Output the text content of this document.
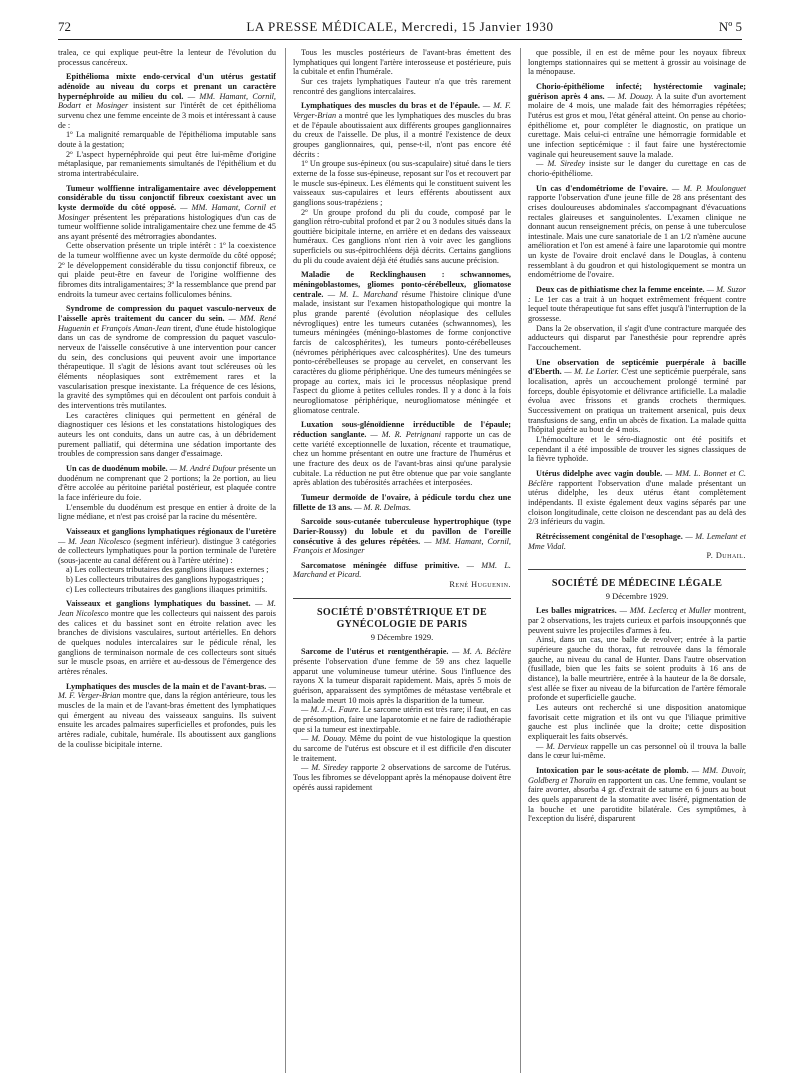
72	LA PRESSE MÉDICALE, Mercredi, 15 Janvier 1930	Nº 5

tralea, ce qui explique peut-être la lenteur de l'évolution du processus cancéreux.

Epithélioma mixte endo-cervical d'un utérus gestatif adénoïde au niveau du corps et prenant un caractère hypernéphroïde au milieu du col. — MM. Hamant, Cornil, Bodart et Mosinger insistent sur l'intérêt de cet épithélioma survenu chez une femme enceinte de 3 mois et intéressant à cause de :

1º La malignité remarquable de l'épithélioma imputable sans doute à la gestation;

2º L'aspect hypernéphroïde qui peut être lui-même d'origine métaplasique, par remaniements simultanés de l'épithélium et du stroma intertrabéculaire.

Tumeur wolffienne intraligamentaire avec développement considérable du tissu conjonctif fibreux coexistant avec un kyste dermoïde du côté opposé. — MM. Hamant, Cornil et Mosinger présentent les préparations histologiques d'un cas de tumeur wolffienne solide intraligamentaire chez une femme de 45 ans ayant présenté des métrorragies abondantes.

Cette observation présente un triple intérêt : 1º la coexistence de la tumeur wolffienne avec un kyste dermoïde du côté opposé; 2º le développement considérable du tissu conjonctif fibreux, ce qui plaide peut-être en faveur de l'origine wolffienne des fibromes dits intraligamentaires; 3º la ressemblance que prend par endroits la tumeur avec certains folliculomes bénins.

Syndrome de compression du paquet vasculo-nerveux de l'aisselle après traitement du cancer du sein. — MM. René Huguenin et François Aman-Jean tirent, d'une étude histologique dans un cas de syndrome de compression du paquet vasculo-nerveux de l'aisselle consécutive à une intervention pour cancer du sein, des conclusions qui peuvent avoir une importance thérapeutique. Il s'agit de lésions avant tout scléreuses où les éléments néoplasiques sont extrêmement rares et la vascularisation presque inexistante. La fréquence de ces lésions, la gravité des symptômes qui en découlent ont parfois conduit à des interventions très mutilantes.

Les caractères cliniques qui permettent en général de diagnostiquer ces lésions et les constatations histologiques des auteurs les ont conduits, dans un autre cas, à un débridement purement palliatif, qui détermina une sédation importante des troubles de compression sans danger d'essaimage.

Un cas de duodénum mobile. — M. André Dufour présente un duodénum ne comprenant que 2 portions; la 2e portion, au lieu d'être accolée au péritoine pariétal postérieur, est plaquée contre la face inférieure du foie.

L'ensemble du duodénum est presque en entier à droite de la ligne médiane, et n'est pas croisé par la racine du mésentère.

Vaisseaux et ganglions lymphatiques régionaux de l'uretère — M. Jean Nicolesco (segment inférieur). distingue 3 catégories de collecteurs lymphatiques pour la portion terminale de l'uretère (sous-jacente au canal déférent ou à l'artère utérine) :

a) Les collecteurs tributaires des ganglions iliaques externes ;

b) Les collecteurs tributaires des ganglions hypogastriques ;

c) Les collecteurs tributaires des ganglions iliaques primitifs.

Vaisseaux et ganglions lymphatiques du bassinet. — M. Jean Nicolesco montre que les collecteurs qui naissent des parois des calices et du bassinet sont en étroite relation avec les branches de divisions vasculaires, surtout artérielles. En dehors de quelques nodules intercalaires sur le pédicule rénal, les ganglions de terminaison normale de ces collecteurs sont situés sur le muscle psoas, en arrière et au-dessous de l'émergence des artères rénales.

Lymphatiques des muscles de la main et de l'avant-bras. — M. F. Verger-Brian montre que, dans la région antérieure, tous les muscles de la main et de l'avant-bras émettent des lymphatiques qui émergent au niveau des vaisseaux sanguins. Ils suivent ensuite les arcades palmaires superficielles et profondes, puis les artères radiale, cubitale, humérale. Ils aboutissent aux ganglions de la coulisse bicipitale interne.

Tous les muscles postérieurs de l'avant-bras émettent des lymphatiques qui longent l'artère interosseuse et postérieure, puis la cubitale et enfin l'humérale.

Sur ces trajets lymphatiques l'auteur n'a que très rarement rencontré des ganglions intercalaires.

Lymphatiques des muscles du bras et de l'épaule. — M. F. Verger-Brian a montré que les lymphatiques des muscles du bras et de l'épaule aboutissaient aux différents groupes ganglionnaires du creux de l'aisselle. De plus, il a montré l'existence de deux groupes ganglionnaires, qui, pense-t-il, n'ont pas encore été décrits :

1º Un groupe sus-épineux (ou sus-scapulaire) situé dans le tiers externe de la fosse sus-épineuse, reposant sur l'os et recouvert par le muscle sus-épineux. Les éléments qui le constituent suivent les vaisseaux sus-capulaires et leurs efférents aboutissent aux ganglions sous-trapéziens ;

2º Un groupe profond du pli du coude, composé par le ganglion rétro-cubital profond et par 2 ou 3 nodules situés dans la gouttière bicipitale interne, en arrière et en dedans des vaisseaux huméraux. Ces ganglions n'ont rien à voir avec les ganglions superficiels ou sus-épitrochléens déjà décrits. Certains ganglions du pli du coude avaient déjà été étudiés sans aucune précision.

Maladie de Recklinghausen : schwannomes, méningoblastomes, gliomes ponto-cérébelleux, gliomatose centrale. — M. L. Marchand résume l'histoire clinique d'une malade, insistant sur l'examen histopathologique qui montre la plus grande parenté (évolution néoplasique des cellules névrogliques) entre les tumeurs cutanées (schwannomes), les tumeurs méningées (méningo-blastomes de forme conjonctive farcis de calcosphérites), les tumeurs ponto-cérébelleuses (névromes périphériques avec calcosphérites). Une des tumeurs ponto-cérébelleuses se propage au cervelet, en conservant les caractères du gliome périphérique. Une des tumeurs méningées se propage au cortex, mais ici le processus néoplasique prend l'aspect du gliome à petites cellules rondes. Il y a donc à la fois neurogliomatose périphérique, neurogliomatose méningée et gliomatose centrale.

Luxation sous-glénoïdienne irréductible de l'épaule; réduction sanglante. — M. R. Petrignani rapporte un cas de cette variété exceptionnelle de luxation, récente et traumatique, chez un homme présentant en outre une fracture de l'humérus et une fracture des deux os de l'avant-bras ainsi qu'une paralysie cubitale. La réduction ne put être obtenue que par voie sanglante après ablation des tubérosités arrachées et interposées.

Tumeur dermoïde de l'ovaire, à pédicule tordu chez une fillette de 13 ans. — M. R. Delmas.

Sarcoïde sous-cutanée tuberculeuse hypertrophique (type Darier-Roussy) du lobule et du pavillon de l'oreille consécutive à des gelures répétées. — MM. Hamant, Cornil, François et Mosinger

Sarcomatose méningée diffuse primitive. — MM. L. Marchand et Picard.

René Huguenin.

SOCIÉTÉ D'OBSTÉTRIQUE ET DE GYNÉCOLOGIE DE PARIS
9 Décembre 1929.

Sarcome de l'utérus et rœntgenthérapie. — M. A. Béclère présente l'observation d'une femme de 59 ans chez laquelle apparut une volumineuse tumeur utérine. Sous l'influence des rayons X la tumeur disparait rapidement. Mais, après 5 mois de guérison, apparaissent des symptômes de métastase vertébrale et la malade meurt 10 mois après la disparition de la tumeur.

— M. J.-L. Faure. Le sarcome utérin est très rare; il faut, en cas de présomption, faire une laparotomie et ne faire de radiothérapie que si la tumeur est inextirpable.

— M. Douay. Même du point de vue histologique la question du sarcome de l'utérus est obscure et il est difficile d'en discuter le traitement.

— M. Siredey rapporte 2 observations de sarcome de l'utérus. Tous les fibromes se développant après la ménopause doivent être opérés aussi rapidement

que possible, il en est de même pour les noyaux fibreux longtemps stationnaires qui se mettent à grossir au voisinage de la ménopause.

Chorio-épithéliome infecté; hystérectomie vaginale; guérison après 4 ans. — M. Douay. A la suite d'un avortement molaire de 4 mois, une malade fait des hémorragies répétées; l'utérus est gros et mou, l'état général atteint. On pense au chorio-épithéliome et, pour compléter le diagnostic, on pratique un curettage. Mais celui-ci entraîne une hémorragie formidable et une infection septicémique : il faut faire une hystérectomie vaginale qui heureusement sauve la malade.

— M. Siredey insiste sur le danger du curettage en cas de chorio-épithéliome.

Un cas d'endométriome de l'ovaire. — M. P. Moulonguet rapporte l'observation d'une jeune fille de 28 ans présentant des crises douloureuses abdominales s'accompagnant d'évacuations rectales glaireuses et sanguinolentes. L'examen clinique ne donnant aucun renseignement précis, on pense à une tuberculose intestinale. Mais une cure sanatoriale de 1 an 1/2 n'amène aucune amélioration et l'on est amené à faire une laparotomie qui montre un kyste de l'ovaire droit enclavé dans le Douglas, à contenu ressemblant à du goudron et qui histologiquement se montra un endométriome de l'ovaire.

Deux cas de pithiatisme chez la femme enceinte. — M. Suzor : Le 1er cas a trait à un hoquet extrêmement fréquent contre lequel toute thérapeutique fut sans effet jusqu'à l'interruption de la grossesse.

Dans la 2e observation, il s'agit d'une contracture marquée des adducteurs qui disparut par l'anesthésie pour reprendre après l'accouchement.

Une observation de septicémie puerpérale à bacille d'Eberth. — M. Le Lorier. C'est une septicémie puerpérale, sans localisation, après un accouchement prolongé terminé par forceps, double épisyotomie et délivrance artificielle. La maladie évolua avec frissons et grands crochets thermiques. Successivement on pratiqua un traitement arsenical, puis deux transfusions de sang, enfin un abcès de fixation. La malade quitta l'hôpital guérie au bout de 4 mois.

L'hémoculture et le séro-diagnostic ont été positifs et cependant il a été impossible de trouver les signes classiques de la fièvre typhoïde.

Utérus didelphe avec vagin double. — MM. L. Bonnet et C. Béclère rapportent l'observation d'une malade présentant un utérus didelphe, les deux utérus étant complètement indépendants. Il existe également deux vagins séparés par une cloison longitudinale, cette cloison ne descendant pas au delà des 2/3 inférieurs du vagin.

Rétrécissement congénital de l'œsophage. — M. Lemelant et Mme Vidal.

P. Duhail.

SOCIÉTÉ DE MÉDECINE LÉGALE
9 Décembre 1929.

Les balles migratrices. — MM. Leclercq et Muller montrent, par 2 observations, les trajets curieux et parfois insoupçonnés que peuvent suivre les projectiles d'armes à feu.

Ainsi, dans un cas, une balle de revolver; entrée à la partie supérieure gauche du thorax, fut retrouvée dans la fémorale gauche, au niveau du canal de Hunter. Dans l'autre observation (fusillade, bien que les faits se soient produits à 16 ans de distance), la balle meurtrière, entrée à la hauteur de la 8e dorsale, s'est allée se fixer au niveau de la bifurcation de l'artère fémorale profonde et superficielle gauche.

Les auteurs ont recherché si une disposition anatomique favorisait cette migration et ils ont vu que l'iliaque primitive gauche est plus inclinée que la droite; cette disposition expliquerait les faits observés.

— M. Dervieux rappelle un cas personnel où il trouva la balle dans le cœur lui-même.

Intoxication par le sous-acétate de plomb. — MM. Duvoir, Goldberg et Thoraïn en rapportent un cas. Une femme, voulant se faire avorter, absorba 4 gr. d'extrait de saturne en 6 jours au bout des quels apparurent de la stomatite avec liséré, pigmentation de la bouche et une parotidite bilatérale. Ces symptômes, à l'exception du liséré, disparurent
